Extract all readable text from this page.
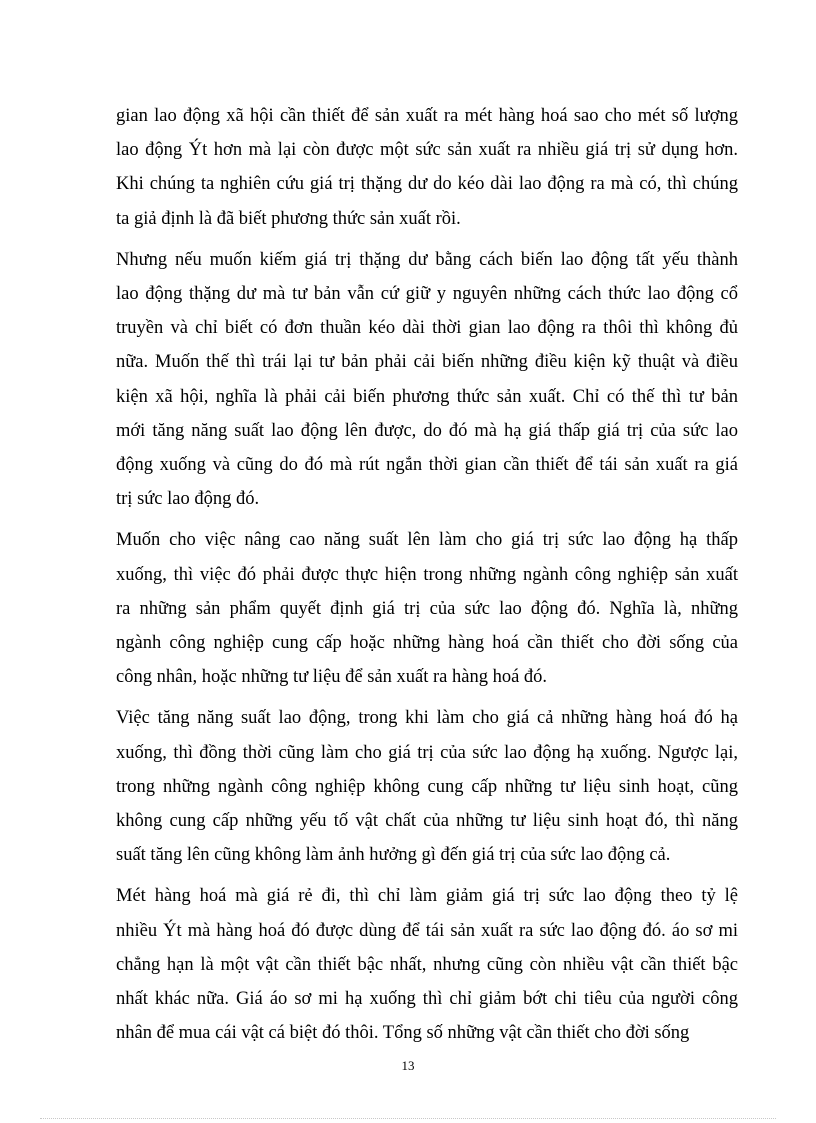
gian lao động xã hội cần thiết để sản xuất ra mét hàng hoá sao cho mét số lượng
lao động Ýt hơn mà lại còn được một sức sản xuất ra nhiều giá trị sử dụng hơn.
Khi chúng ta nghiên cứu giá trị thặng dư do kéo dài lao động ra mà có, thì chúng
ta giả định là đã biết phương thức sản xuất rồi.

Nhưng nếu muốn kiếm giá trị thặng dư bằng cách biến lao động tất yếu thành
lao động thặng dư mà tư bản vẫn cứ giữ y nguyên những cách thức lao động cổ
truyền và chỉ biết có đơn thuần kéo dài thời gian lao động ra thôi thì không đủ
nữa. Muốn thế thì trái lại tư bản phải cải biến những điều kiện kỹ thuật và điều
kiện xã hội, nghĩa là phải cải biến phương thức sản xuất. Chỉ có thế thì tư bản
mới tăng năng suất lao động lên được, do đó mà hạ giá thấp giá trị của sức lao
động xuống và cũng do đó mà rút ngắn thời gian cần thiết để tái sản xuất ra giá
trị sức lao động đó.

Muốn cho việc nâng cao năng suất lên làm cho giá trị sức lao động hạ thấp
xuống, thì việc đó phải được thực hiện trong những ngành công nghiệp sản xuất
ra những sản phẩm quyết định giá trị của sức lao động đó. Nghĩa là, những
ngành công nghiệp cung cấp hoặc những hàng hoá cần thiết cho đời sống của
công nhân, hoặc những tư liệu để sản xuất ra hàng hoá đó.

Việc tăng năng suất lao động, trong khi làm cho giá cả những hàng hoá đó hạ
xuống, thì đồng thời cũng làm cho giá trị của sức lao động hạ xuống. Ngược lại,
trong những ngành công nghiệp không cung cấp những tư liệu sinh hoạt, cũng
không cung cấp những yếu tố vật chất của những tư liệu sinh hoạt đó, thì năng
suất tăng lên cũng không làm ảnh hưởng gì đến giá trị của sức lao động cả.

Mét hàng hoá mà giá rẻ đi, thì chỉ làm giảm giá trị sức lao động theo tỷ lệ
nhiều Ýt mà hàng hoá đó được dùng để tái sản xuất ra sức lao động đó. áo sơ mi
chẳng hạn là một vật cần thiết bậc nhất, nhưng cũng còn nhiều vật cần thiết bậc
nhất khác nữa. Giá áo sơ mi hạ xuống thì chỉ giảm bớt chi tiêu của người công
nhân để mua cái vật cá biệt đó thôi. Tổng số những vật cần thiết cho đời sống

13
